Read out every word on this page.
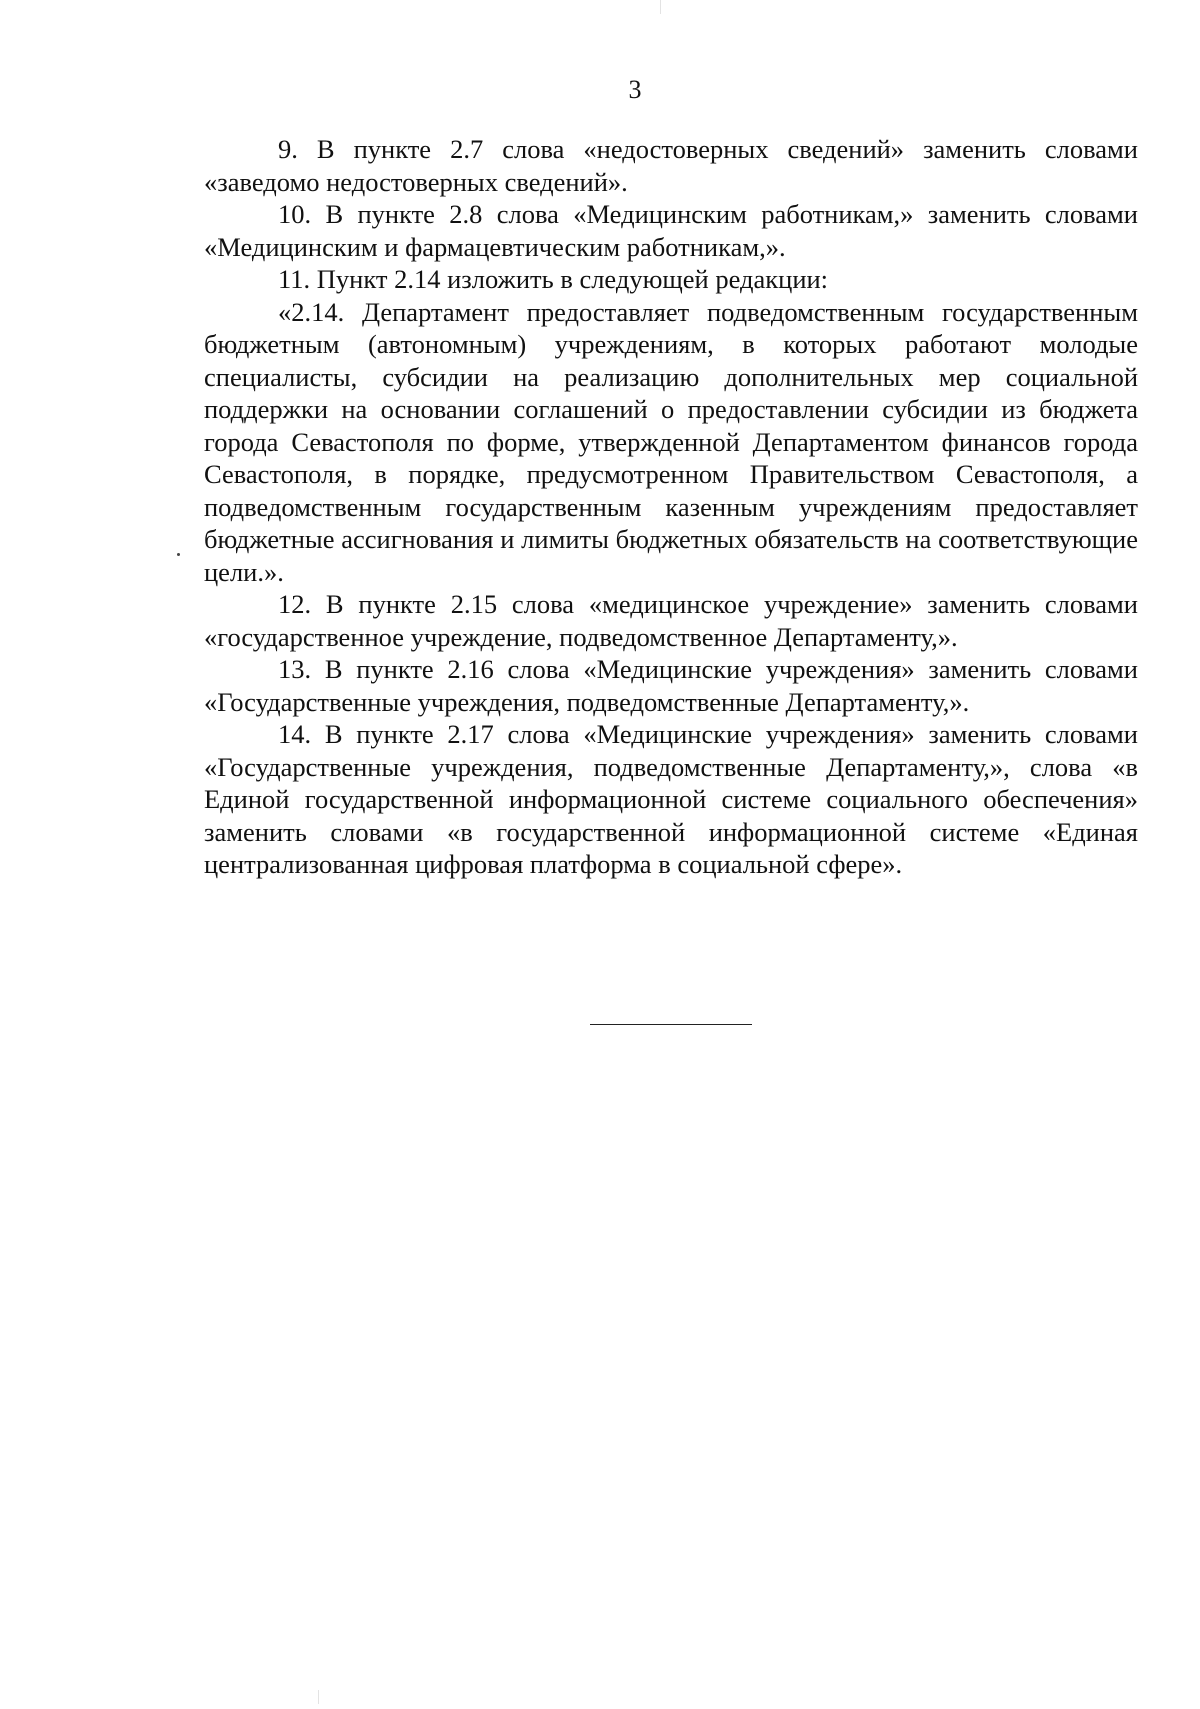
3

9. В пункте 2.7 слова «недостоверных сведений» заменить словами «заведомо недостоверных сведений».

10. В пункте 2.8 слова «Медицинским работникам,» заменить словами «Медицинским и фармацевтическим работникам,».

11. Пункт 2.14 изложить в следующей редакции:

«2.14. Департамент предоставляет подведомственным государственным бюджетным (автономным) учреждениям, в которых работают молодые специалисты, субсидии на реализацию дополнительных мер социальной поддержки на основании соглашений о предоставлении субсидии из бюджета города Севастополя по форме, утвержденной Департаментом финансов города Севастополя, в порядке, предусмотренном Правительством Севастополя, а подведомственным государственным казенным учреждениям предоставляет бюджетные ассигнования и лимиты бюджетных обязательств на соответствующие цели.».

12. В пункте 2.15 слова «медицинское учреждение» заменить словами «государственное учреждение, подведомственное Департаменту,».

13. В пункте 2.16 слова «Медицинские учреждения» заменить словами «Государственные учреждения, подведомственные Департаменту,».

14. В пункте 2.17 слова «Медицинские учреждения» заменить словами «Государственные учреждения, подведомственные Департаменту,», слова «в Единой государственной информационной системе социального обеспечения» заменить словами «в государственной информационной системе «Единая централизованная цифровая платформа в социальной сфере».
